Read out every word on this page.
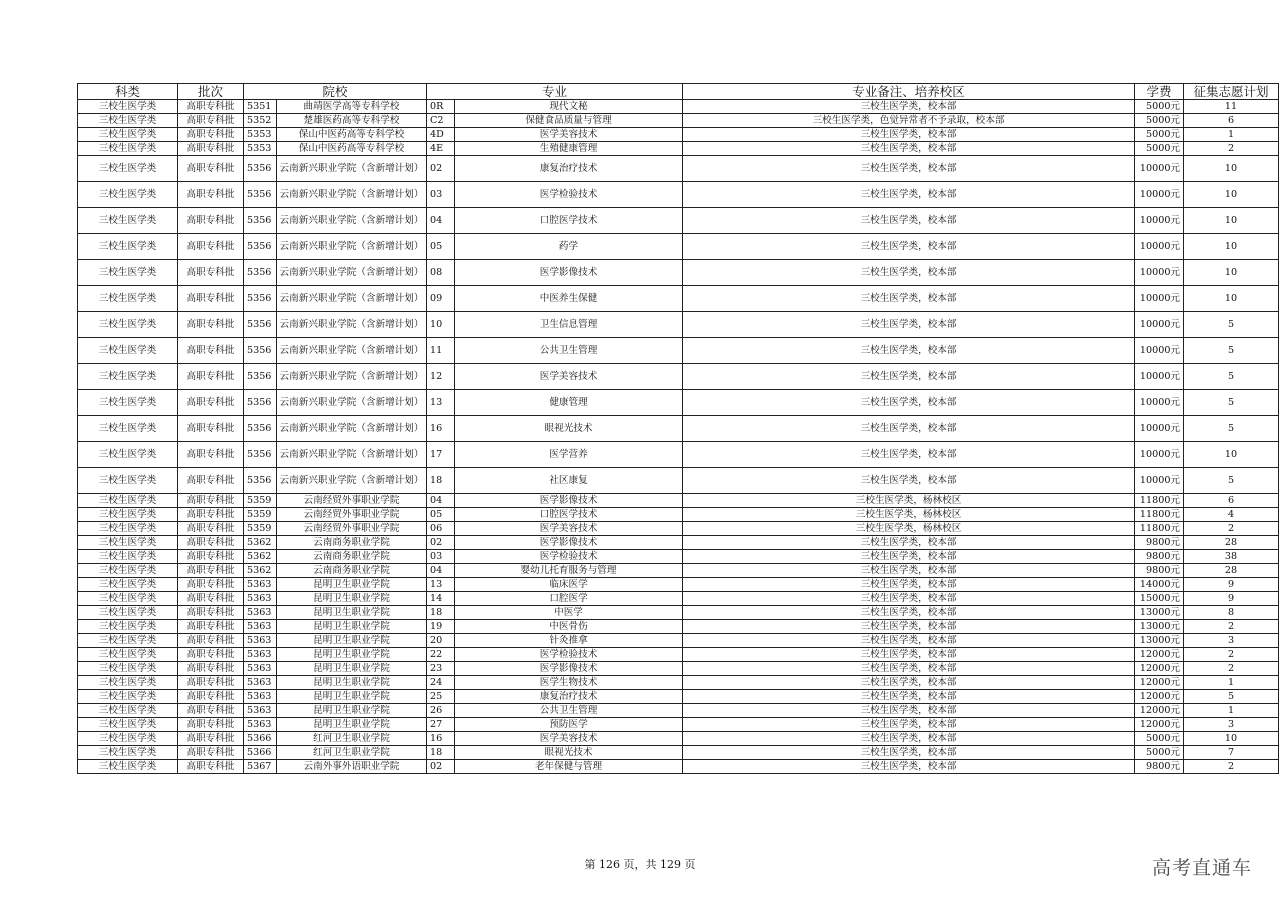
科类	批次	院校		专业		专业备注、培养校区	学费	征集志愿计划
三校生医学类	高职专科批	5351	曲靖医学高等专科学校	0R	现代文秘	三校生医学类，校本部	5000元	11
三校生医学类	高职专科批	5352	楚雄医药高等专科学校	C2	保健食品质量与管理	三校生医学类，色觉异常者不予录取，校本部	5000元	6
三校生医学类	高职专科批	5353	保山中医药高等专科学校	4D	医学美容技术	三校生医学类，校本部	5000元	1
三校生医学类	高职专科批	5353	保山中医药高等专科学校	4E	生殖健康管理	三校生医学类，校本部	5000元	2
三校生医学类	高职专科批	5356	云南新兴职业学院（含新增计划）	02	康复治疗技术	三校生医学类，校本部	10000元	10
三校生医学类	高职专科批	5356	云南新兴职业学院（含新增计划）	03	医学检验技术	三校生医学类，校本部	10000元	10
三校生医学类	高职专科批	5356	云南新兴职业学院（含新增计划）	04	口腔医学技术	三校生医学类，校本部	10000元	10
三校生医学类	高职专科批	5356	云南新兴职业学院（含新增计划）	05	药学	三校生医学类，校本部	10000元	10
三校生医学类	高职专科批	5356	云南新兴职业学院（含新增计划）	08	医学影像技术	三校生医学类，校本部	10000元	10
三校生医学类	高职专科批	5356	云南新兴职业学院（含新增计划）	09	中医养生保健	三校生医学类，校本部	10000元	10
三校生医学类	高职专科批	5356	云南新兴职业学院（含新增计划）	10	卫生信息管理	三校生医学类，校本部	10000元	5
三校生医学类	高职专科批	5356	云南新兴职业学院（含新增计划）	11	公共卫生管理	三校生医学类，校本部	10000元	5
三校生医学类	高职专科批	5356	云南新兴职业学院（含新增计划）	12	医学美容技术	三校生医学类，校本部	10000元	5
三校生医学类	高职专科批	5356	云南新兴职业学院（含新增计划）	13	健康管理	三校生医学类，校本部	10000元	5
三校生医学类	高职专科批	5356	云南新兴职业学院（含新增计划）	16	眼视光技术	三校生医学类，校本部	10000元	5
三校生医学类	高职专科批	5356	云南新兴职业学院（含新增计划）	17	医学营养	三校生医学类，校本部	10000元	10
三校生医学类	高职专科批	5356	云南新兴职业学院（含新增计划）	18	社区康复	三校生医学类，校本部	10000元	5
三校生医学类	高职专科批	5359	云南经贸外事职业学院	04	医学影像技术	三校生医学类，杨林校区	11800元	6
三校生医学类	高职专科批	5359	云南经贸外事职业学院	05	口腔医学技术	三校生医学类，杨林校区	11800元	4
三校生医学类	高职专科批	5359	云南经贸外事职业学院	06	医学美容技术	三校生医学类，杨林校区	11800元	2
三校生医学类	高职专科批	5362	云南商务职业学院	02	医学影像技术	三校生医学类，校本部	9800元	28
三校生医学类	高职专科批	5362	云南商务职业学院	03	医学检验技术	三校生医学类，校本部	9800元	38
三校生医学类	高职专科批	5362	云南商务职业学院	04	婴幼儿托育服务与管理	三校生医学类，校本部	9800元	28
三校生医学类	高职专科批	5363	昆明卫生职业学院	13	临床医学	三校生医学类，校本部	14000元	9
三校生医学类	高职专科批	5363	昆明卫生职业学院	14	口腔医学	三校生医学类，校本部	15000元	9
三校生医学类	高职专科批	5363	昆明卫生职业学院	18	中医学	三校生医学类，校本部	13000元	8
三校生医学类	高职专科批	5363	昆明卫生职业学院	19	中医骨伤	三校生医学类，校本部	13000元	2
三校生医学类	高职专科批	5363	昆明卫生职业学院	20	针灸推拿	三校生医学类，校本部	13000元	3
三校生医学类	高职专科批	5363	昆明卫生职业学院	22	医学检验技术	三校生医学类，校本部	12000元	2
三校生医学类	高职专科批	5363	昆明卫生职业学院	23	医学影像技术	三校生医学类，校本部	12000元	2
三校生医学类	高职专科批	5363	昆明卫生职业学院	24	医学生物技术	三校生医学类，校本部	12000元	1
三校生医学类	高职专科批	5363	昆明卫生职业学院	25	康复治疗技术	三校生医学类，校本部	12000元	5
三校生医学类	高职专科批	5363	昆明卫生职业学院	26	公共卫生管理	三校生医学类，校本部	12000元	1
三校生医学类	高职专科批	5363	昆明卫生职业学院	27	预防医学	三校生医学类，校本部	12000元	3
三校生医学类	高职专科批	5366	红河卫生职业学院	16	医学美容技术	三校生医学类，校本部	5000元	10
三校生医学类	高职专科批	5366	红河卫生职业学院	18	眼视光技术	三校生医学类，校本部	5000元	7
三校生医学类	高职专科批	5367	云南外事外语职业学院	02	老年保健与管理	三校生医学类，校本部	9800元	2
第 126 页，共 129 页	高考直通车
